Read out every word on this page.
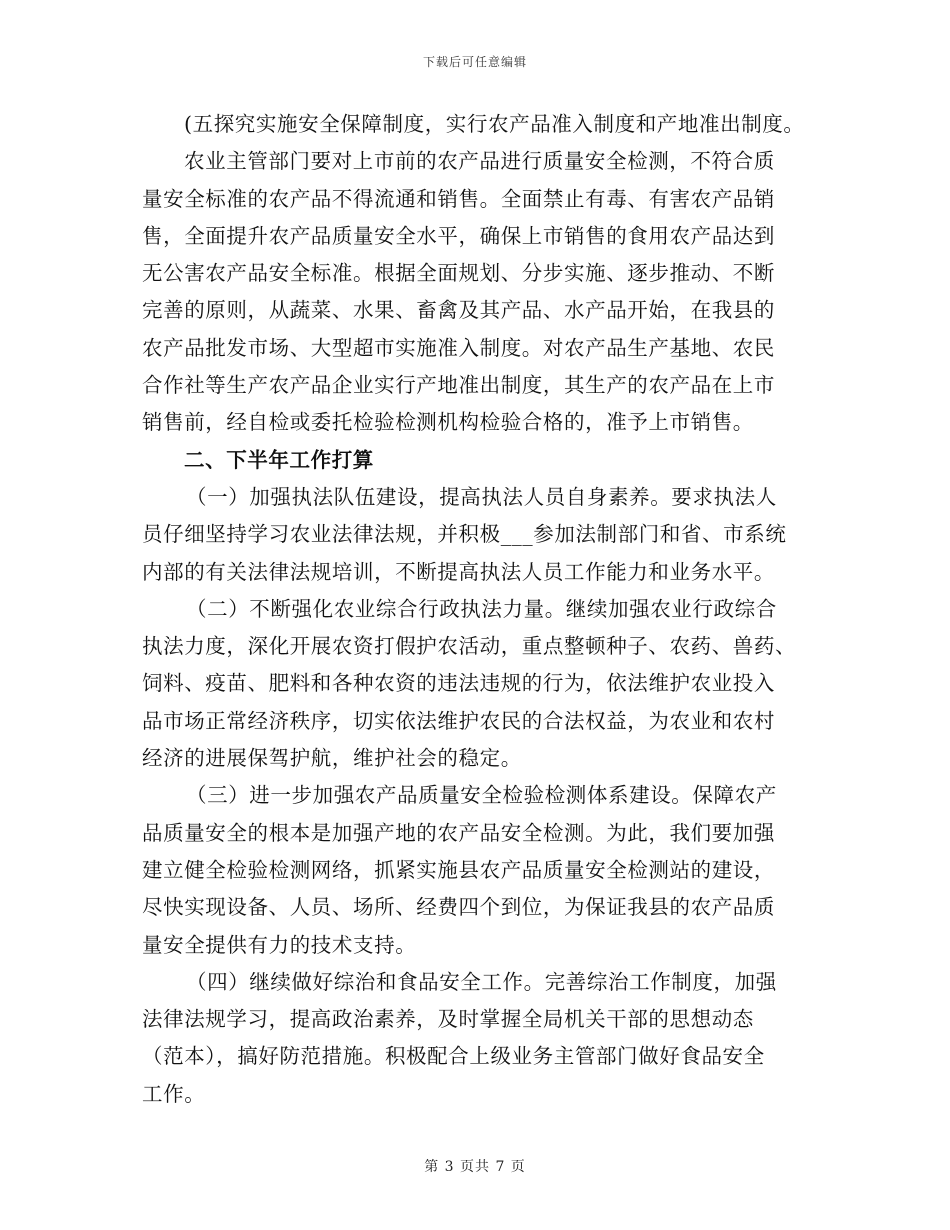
下载后可任意编辑
(五探究实施安全保障制度，实行农产品准入制度和产地准出制度。
农业主管部门要对上市前的农产品进行质量安全检测，不符合质
量安全标准的农产品不得流通和销售。全面禁止有毒、有害农产品销
售，全面提升农产品质量安全水平，确保上市销售的食用农产品达到
无公害农产品安全标准。根据全面规划、分步实施、逐步推动、不断
完善的原则，从蔬菜、水果、畜禽及其产品、水产品开始，在我县的
农产品批发市场、大型超市实施准入制度。对农产品生产基地、农民
合作社等生产农产品企业实行产地准出制度，其生产的农产品在上市
销售前，经自检或委托检验检测机构检验合格的，准予上市销售。
二、下半年工作打算
（一）加强执法队伍建设，提高执法人员自身素养。要求执法人
员仔细坚持学习农业法律法规，并积极___参加法制部门和省、市系统
内部的有关法律法规培训，不断提高执法人员工作能力和业务水平。
（二）不断强化农业综合行政执法力量。继续加强农业行政综合
执法力度，深化开展农资打假护农活动，重点整顿种子、农药、兽药、
饲料、疫苗、肥料和各种农资的违法违规的行为，依法维护农业投入
品市场正常经济秩序，切实依法维护农民的合法权益，为农业和农村
经济的进展保驾护航，维护社会的稳定。
（三）进一步加强农产品质量安全检验检测体系建设。保障农产
品质量安全的根本是加强产地的农产品安全检测。为此，我们要加强
建立健全检验检测网络，抓紧实施县农产品质量安全检测站的建设，
尽快实现设备、人员、场所、经费四个到位，为保证我县的农产品质
量安全提供有力的技术支持。
（四）继续做好综治和食品安全工作。完善综治工作制度，加强
法律法规学习，提高政治素养，及时掌握全局机关干部的思想动态
（范本），搞好防范措施。积极配合上级业务主管部门做好食品安全
工作。
第 3 页共 7 页
